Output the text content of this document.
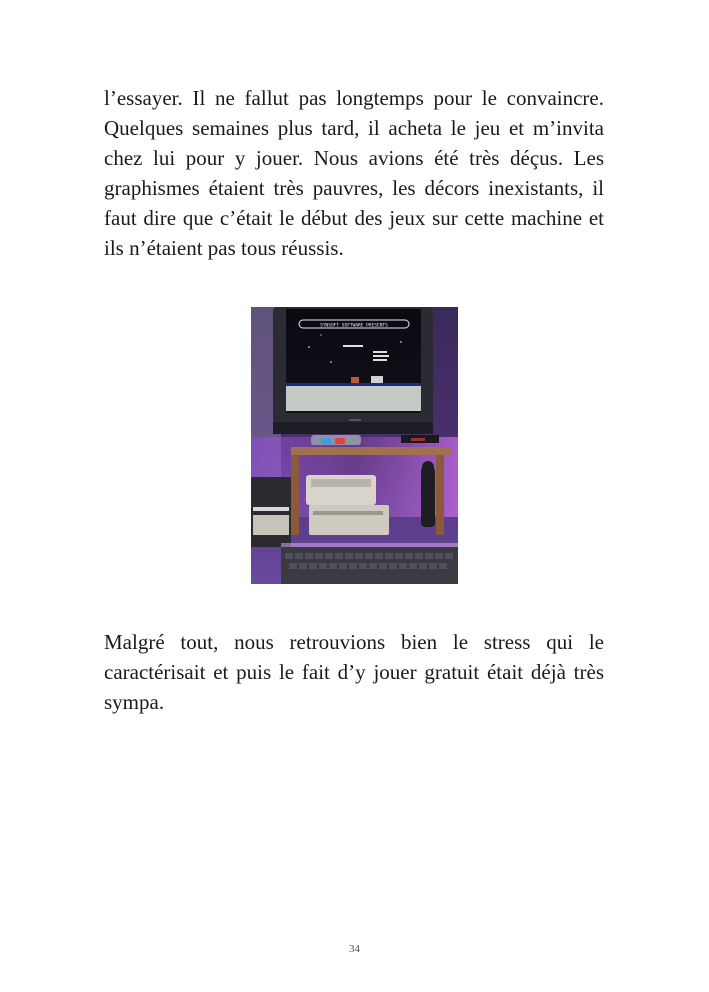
l’essayer. Il ne fallut pas longtemps pour le convaincre. Quelques semaines plus tard, il acheta le jeu et m’invita chez lui pour y jouer. Nous avions été très déçus. Les graphismes étaient très pauvres, les décors inexistants, il faut dire que c’était le début des jeux sur cette machine et ils n’étaient pas tous réussis.

SYNSOFT SOFTWARE PRESENTS

Malgré tout, nous retrouvions bien le stress qui le caractérisait et puis le fait d’y jouer gratuit était déjà très sympa.

34
